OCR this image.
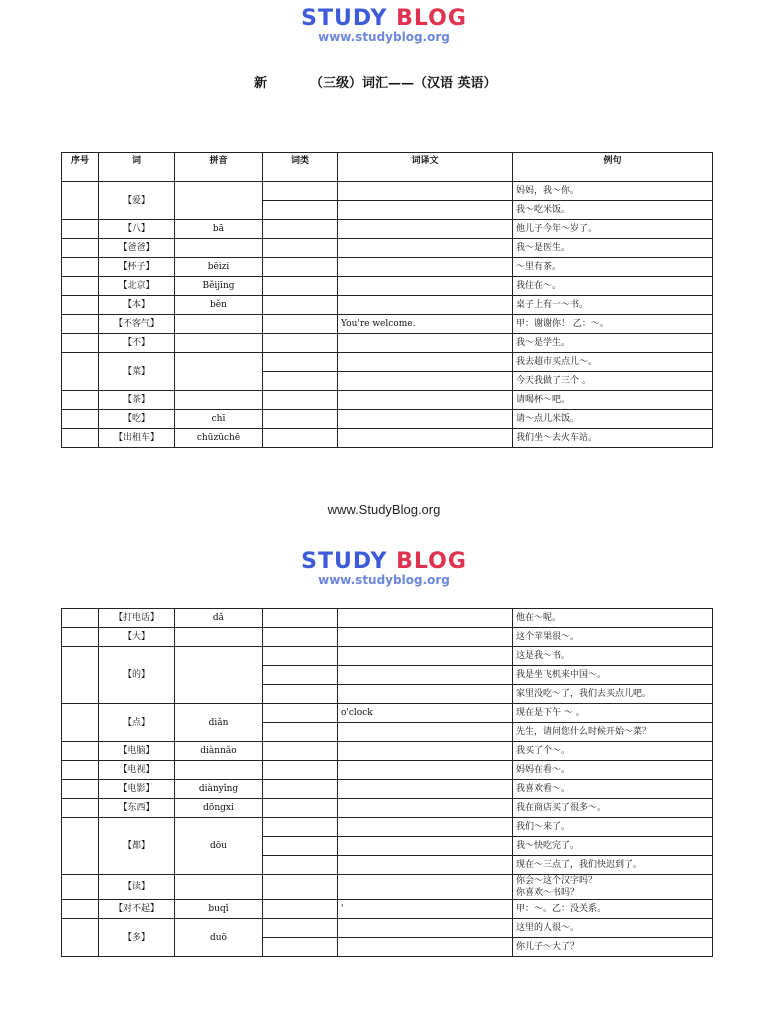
STUDY BLOG
www.studyblog.org
新	（三级）词汇——（汉语 英语）
序号	词	拼音	词类	词译文	例句
	【爱】				妈妈，我～你。
					我～吃米饭。
	【八】	bā			他儿子今年～岁了。
	【爸爸】				我～是医生。
	【杯子】	bēizi			～里有茶。
	【北京】	Běijīng			我住在～。
	【本】	běn			桌子上有一～书。
	【不客气】			You're welcome.	甲：谢谢你！ 乙：～。
	【不】				我～是学生。
	【菜】				我去超市买点儿～。
					今天我做了三个 。
	【茶】				请喝杯～吧。
	【吃】	chī			请～点儿米饭。
	【出租车】	chūzūchē			我们坐～去火车站。
www.StudyBlog.org
STUDY BLOG
www.studyblog.org
	【打电话】	dǎ			他在～呢。
	【大】				这个苹果很～。
	【的】				这是我～书。
					我是坐飞机来中国～。
					家里没吃～了，我们去买点儿吧。
	【点】	diǎn		o'clock	现在是下午 ～ 。
					先生，请问您什么时候开始～菜？
	【电脑】	diànnǎo			我买了个～。
	【电视】				妈妈在看～。
	【电影】	diànyǐng			我喜欢看～。
	【东西】	dōngxi			我在商店买了很多～。
	【都】	dōu			我们～来了。
					我～快吃完了。
					现在～三点了，我们快迟到了。
	【读】				你会～这个汉字吗？
你喜欢～书吗？
	【对不起】	buqǐ		'	甲：～。乙：没关系。
	【多】	duō			这里的人很～。
					你儿子～大了？
